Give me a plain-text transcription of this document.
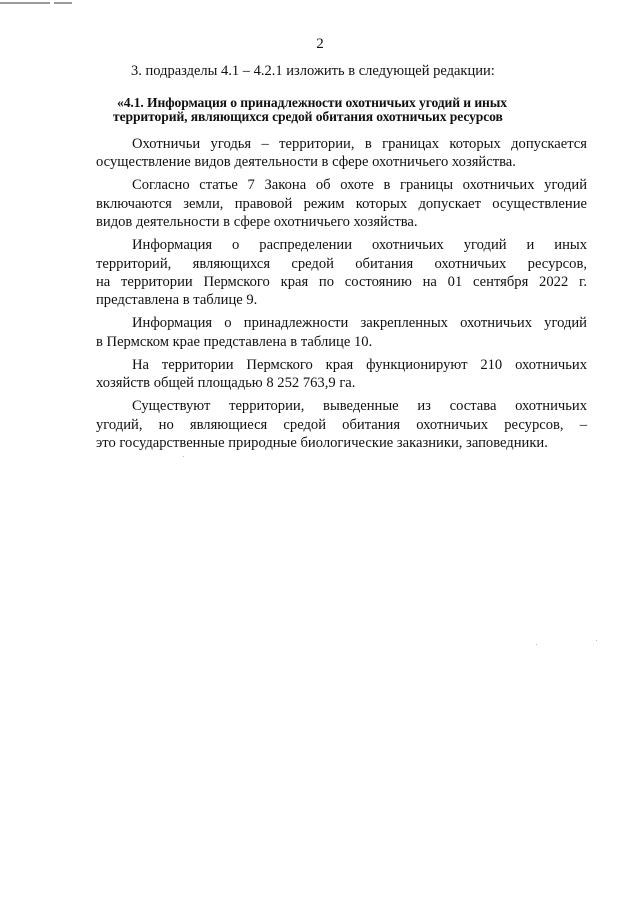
2
3. подразделы 4.1 – 4.2.1 изложить в следующей редакции:
«4.1. Информация о принадлежности охотничьих угодий и иных
территорий, являющихся средой обитания охотничьих ресурсов

Охотничьи угодья – территории, в границах которых допускается
осуществление видов деятельности в сфере охотничьего хозяйства.

Согласно статье 7 Закона об охоте в границы охотничьих угодий
включаются земли, правовой режим которых допускает осуществление
видов деятельности в сфере охотничьего хозяйства.

Информация о распределении охотничьих угодий и иных
территорий, являющихся средой обитания охотничьих ресурсов,
на территории Пермского края по состоянию на 01 сентября 2022 г.
представлена в таблице 9.

Информация о принадлежности закрепленных охотничьих угодий
в Пермском крае представлена в таблице 10.

На территории Пермского края функционируют 210 охотничьих
хозяйств общей площадью 8 252 763,9 га.

Существуют территории, выведенные из состава охотничьих
угодий, но являющиеся средой обитания охотничьих ресурсов, –
это государственные природные биологические заказники, заповедники.
